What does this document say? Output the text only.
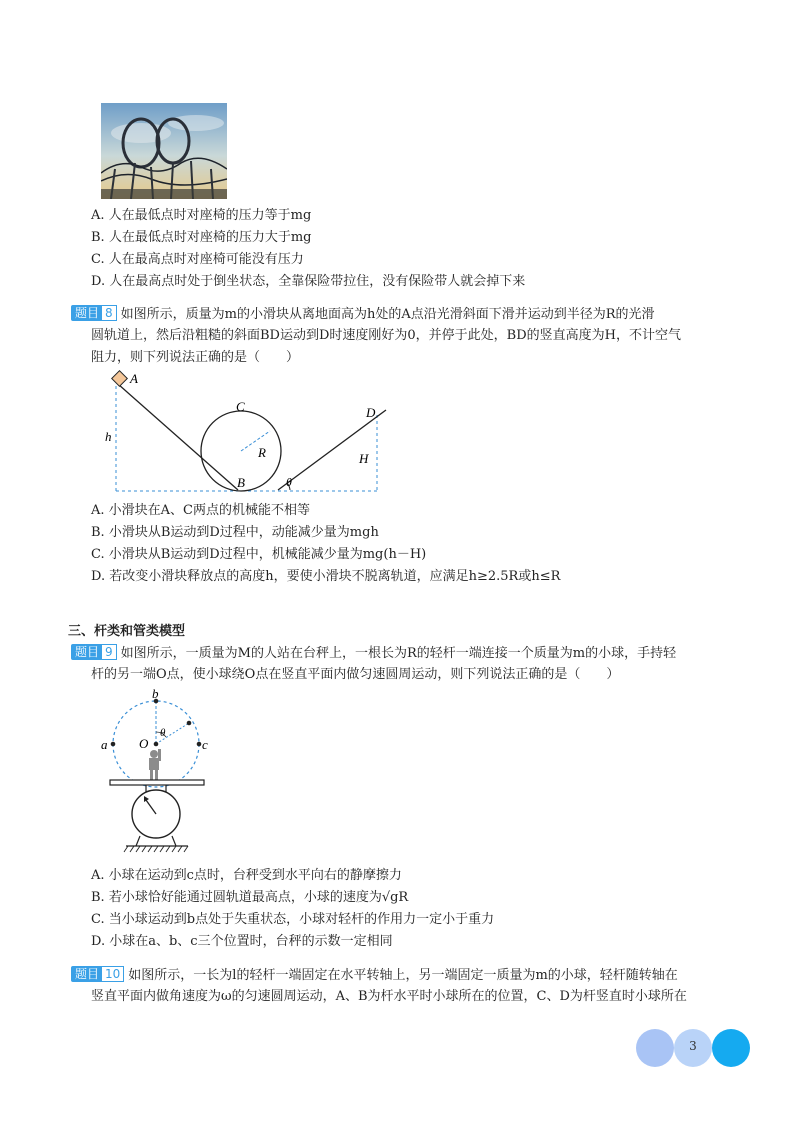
A. 人在最低点时对座椅的压力等于mg
B. 人在最低点时对座椅的压力大于mg
C. 人在最高点时对座椅可能没有压力
D. 人在最高点时处于倒坐状态，全靠保险带拉住，没有保险带人就会掉下来
题目 8 如图所示，质量为m的小滑块从离地面高为h处的A点沿光滑斜面下滑并运动到半径为R的光滑
圆轨道上，然后沿粗糙的斜面BD运动到D时速度刚好为0，并停于此处，BD的竖直高度为H，不计空气
阻力，则下列说法正确的是（　　）
A
C	D
R
B
h
H
θ
A. 小滑块在A、C两点的机械能不相等
B. 小滑块从B运动到D过程中，动能减少量为mgh
C. 小滑块从B运动到D过程中，机械能减少量为mg(h－H)
D. 若改变小滑块释放点的高度h，要使小滑块不脱离轨道，应满足h≥2.5R或h≤R
三、杆类和管类模型
题目 9 如图所示，一质量为M的人站在台秤上，一根长为R的轻杆一端连接一个质量为m的小球，手持轻
杆的另一端O点，使小球绕O点在竖直平面内做匀速圆周运动，则下列说法正确的是（　　）
b
a	c
O
θ
A. 小球在运动到c点时，台秤受到水平向右的静摩擦力
B. 若小球恰好能通过圆轨道最高点，小球的速度为√gR
C. 当小球运动到b点处于失重状态，小球对轻杆的作用力一定小于重力
D. 小球在a、b、c三个位置时，台秤的示数一定相同
题目 10 如图所示，一长为l的轻杆一端固定在水平转轴上，另一端固定一质量为m的小球，轻杆随转轴在
竖直平面内做角速度为ω的匀速圆周运动，A、B为杆水平时小球所在的位置，C、D为杆竖直时小球所在
3
